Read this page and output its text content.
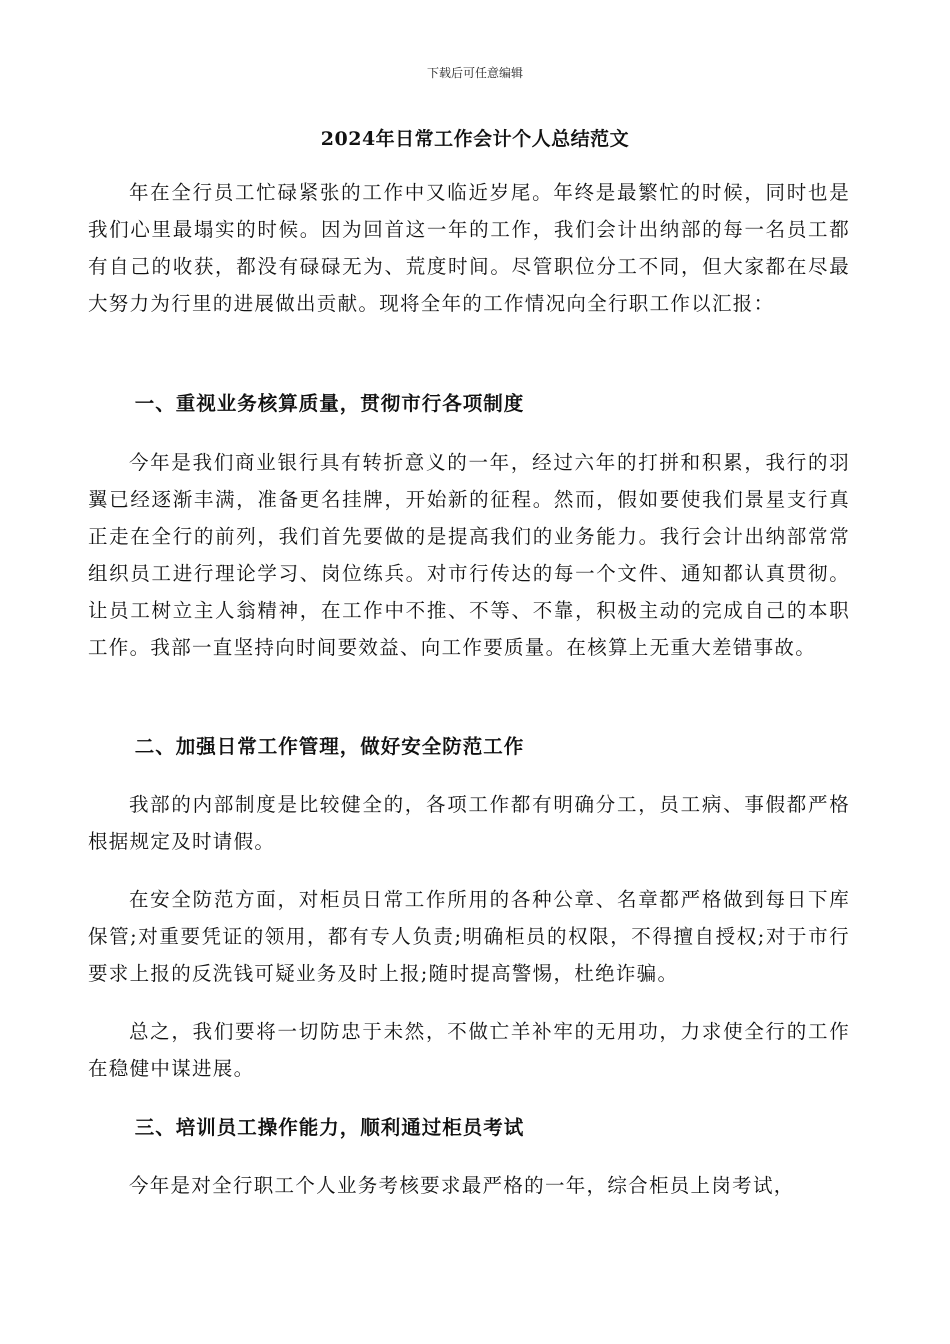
下载后可任意编辑
2024年日常工作会计个人总结范文
年在全行员工忙碌紧张的工作中又临近岁尾。年终是最繁忙的时候，同时也是我们心里最塌实的时候。因为回首这一年的工作，我们会计出纳部的每一名员工都有自己的收获，都没有碌碌无为、荒度时间。尽管职位分工不同，但大家都在尽最大努力为行里的进展做出贡献。现将全年的工作情况向全行职工作以汇报：
一、重视业务核算质量，贯彻市行各项制度
今年是我们商业银行具有转折意义的一年，经过六年的打拼和积累，我行的羽翼已经逐渐丰满，准备更名挂牌，开始新的征程。然而，假如要使我们景星支行真正走在全行的前列，我们首先要做的是提高我们的业务能力。我行会计出纳部常常组织员工进行理论学习、岗位练兵。对市行传达的每一个文件、通知都认真贯彻。让员工树立主人翁精神，在工作中不推、不等、不靠，积极主动的完成自己的本职工作。我部一直坚持向时间要效益、向工作要质量。在核算上无重大差错事故。
二、加强日常工作管理，做好安全防范工作
我部的内部制度是比较健全的，各项工作都有明确分工，员工病、事假都严格根据规定及时请假。
在安全防范方面，对柜员日常工作所用的各种公章、名章都严格做到每日下库保管;对重要凭证的领用，都有专人负责;明确柜员的权限，不得擅自授权;对于市行要求上报的反洗钱可疑业务及时上报;随时提高警惕，杜绝诈骗。
总之，我们要将一切防忠于未然，不做亡羊补牢的无用功，力求使全行的工作在稳健中谋进展。
三、培训员工操作能力，顺利通过柜员考试
今年是对全行职工个人业务考核要求最严格的一年，综合柜员上岗考试，
